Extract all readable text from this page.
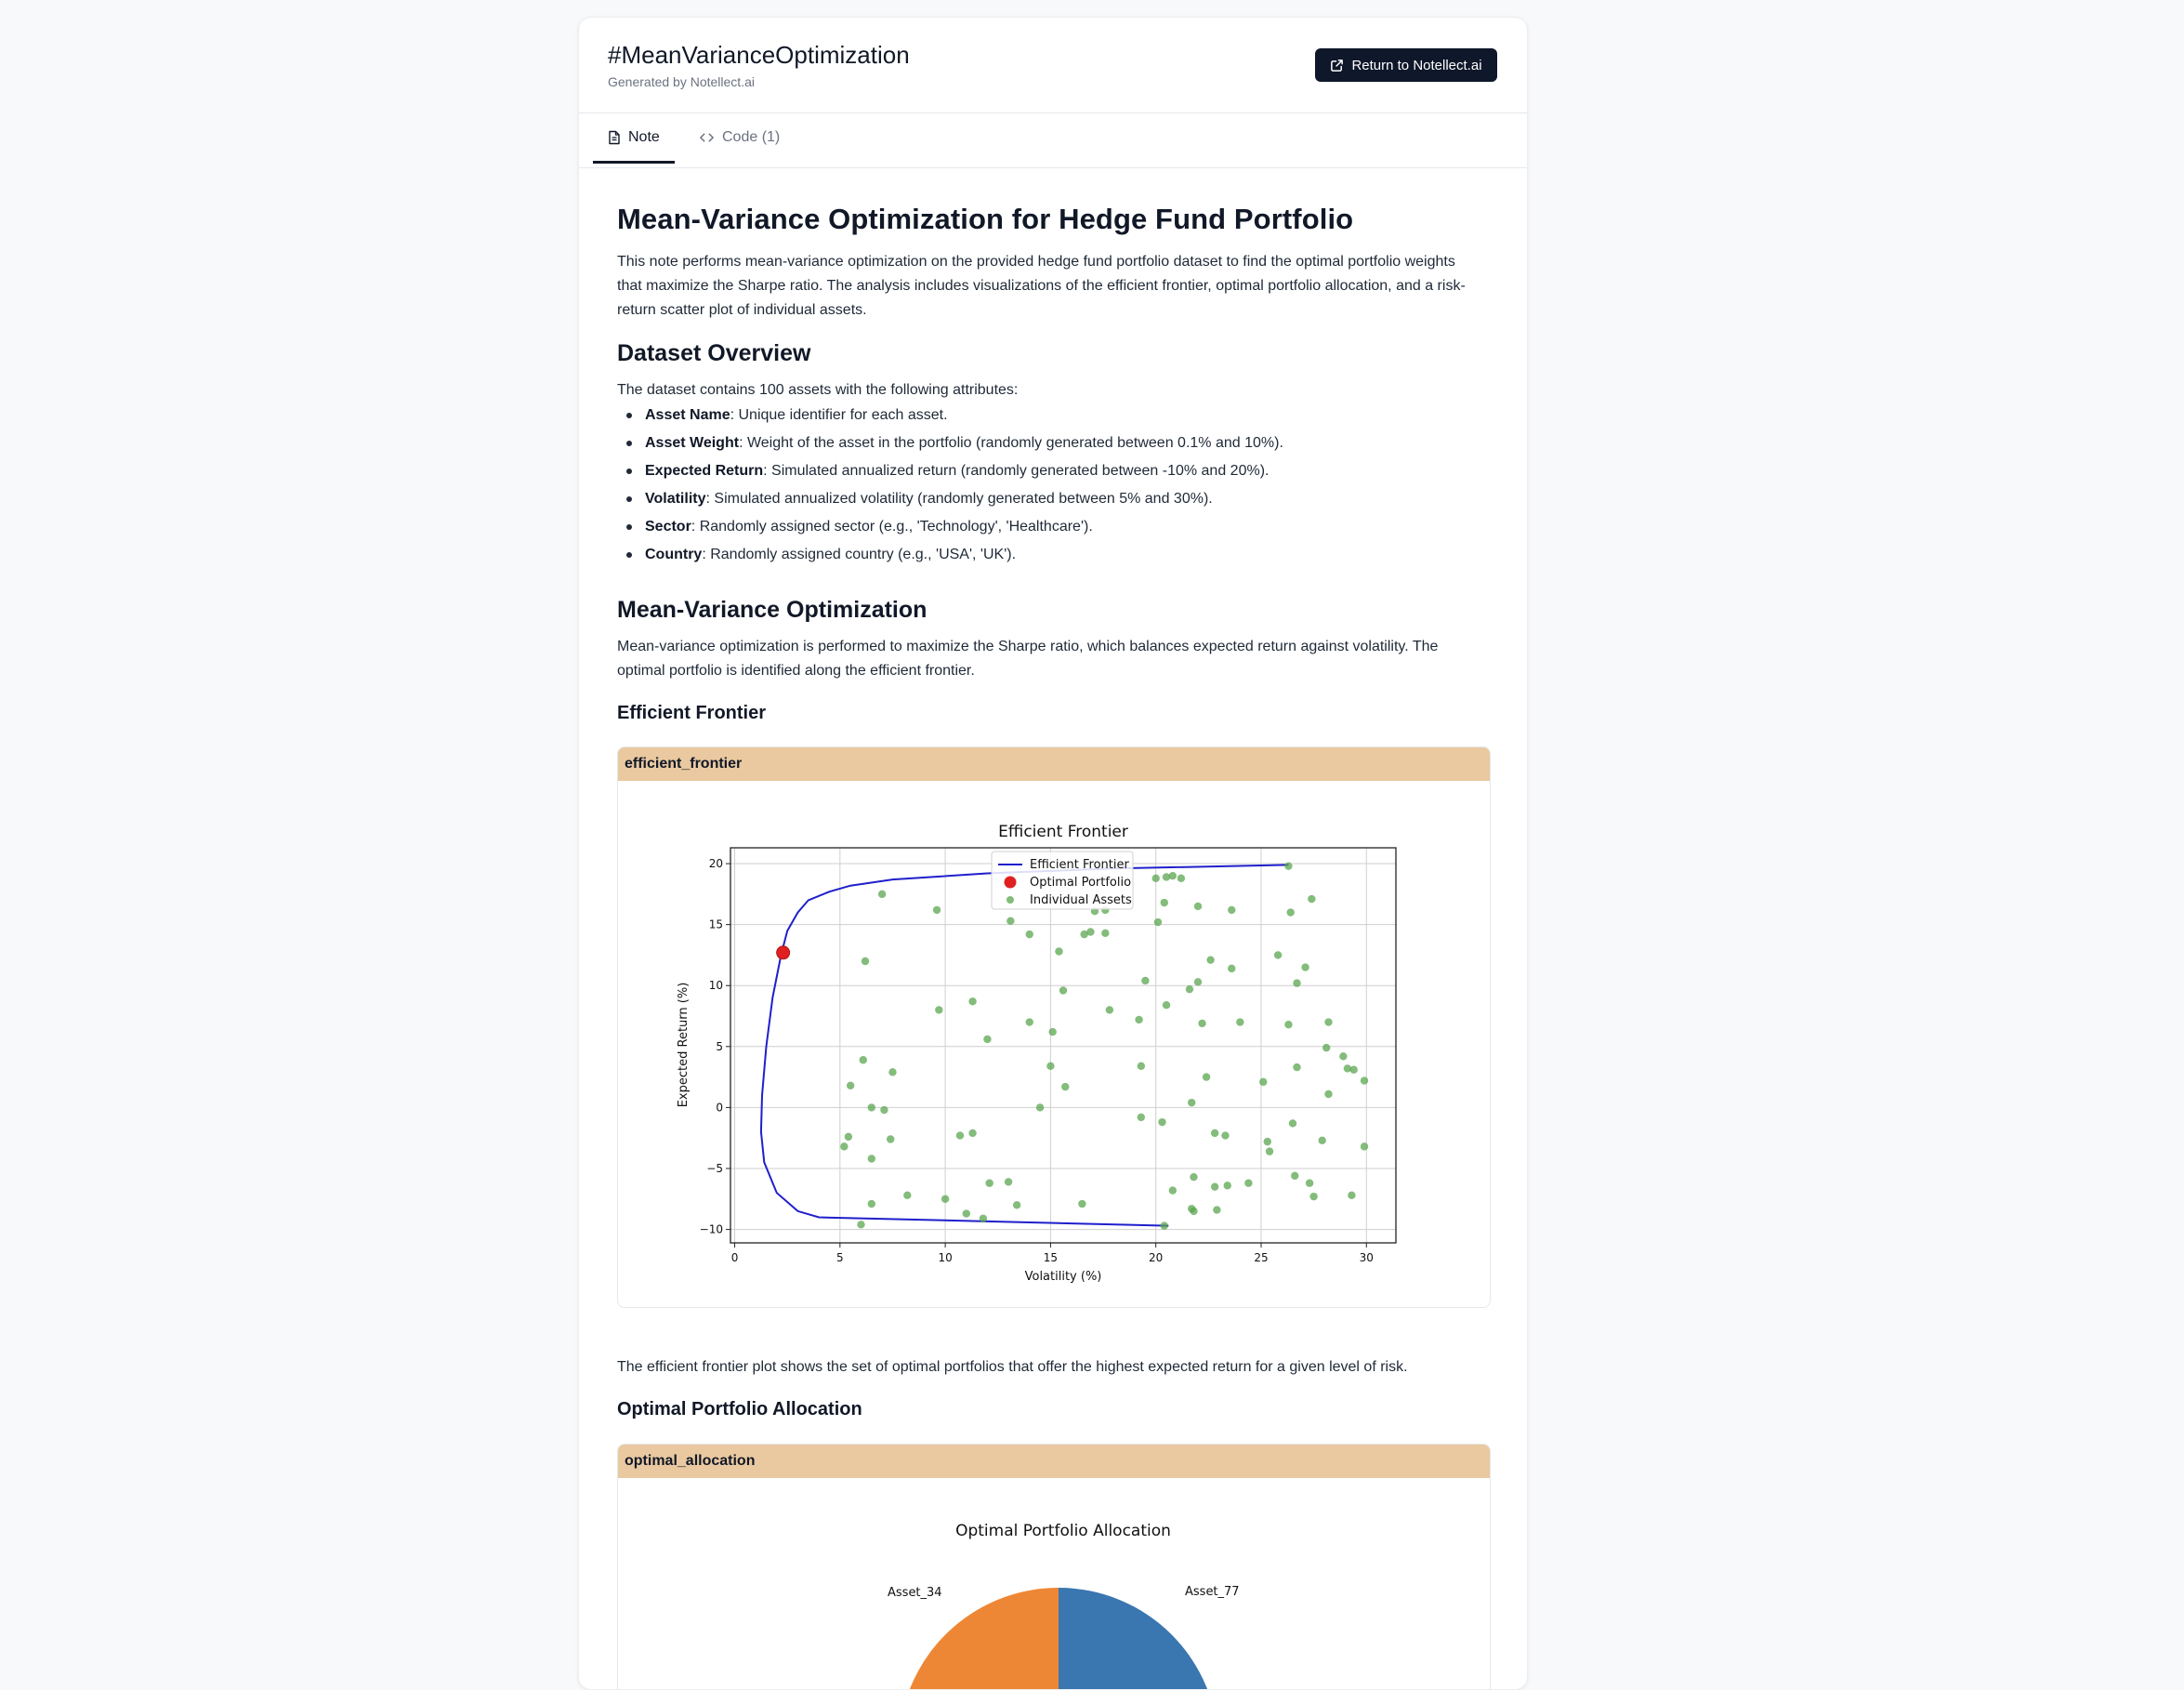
#MeanVarianceOptimization
Generated by Notellect.ai
Return to Notellect.ai
Note	Code (1)
Mean-Variance Optimization for Hedge Fund Portfolio

This note performs mean-variance optimization on the provided hedge fund portfolio dataset to find the optimal portfolio weights

that maximize the Sharpe ratio. The analysis includes visualizations of the efficient frontier, optimal portfolio allocation, and a risk-

return scatter plot of individual assets.

Dataset Overview

The dataset contains 100 assets with the following attributes:

Asset Name: Unique identifier for each asset.
Asset Weight: Weight of the asset in the portfolio (randomly generated between 0.1% and 10%).
Expected Return: Simulated annualized return (randomly generated between -10% and 20%).
Volatility: Simulated annualized volatility (randomly generated between 5% and 30%).
Sector: Randomly assigned sector (e.g., 'Technology', 'Healthcare').
Country: Randomly assigned country (e.g., 'USA', 'UK').
Mean-Variance Optimization

Mean-variance optimization is performed to maximize the Sharpe ratio, which balances expected return against volatility. The

optimal portfolio is identified along the efficient frontier.

Efficient Frontier
efficient_frontier
Efficient Frontier
0	5	10	15	20	25	30
−10
−5
0
5
10
15
20
Volatility (%)
Expected Return (%)
Efficient Frontier
Optimal Portfolio
Individual Assets

The efficient frontier plot shows the set of optimal portfolios that offer the highest expected return for a given level of risk.

Optimal Portfolio Allocation
optimal_allocation
Optimal Portfolio Allocation
Asset_77
Asset_34
